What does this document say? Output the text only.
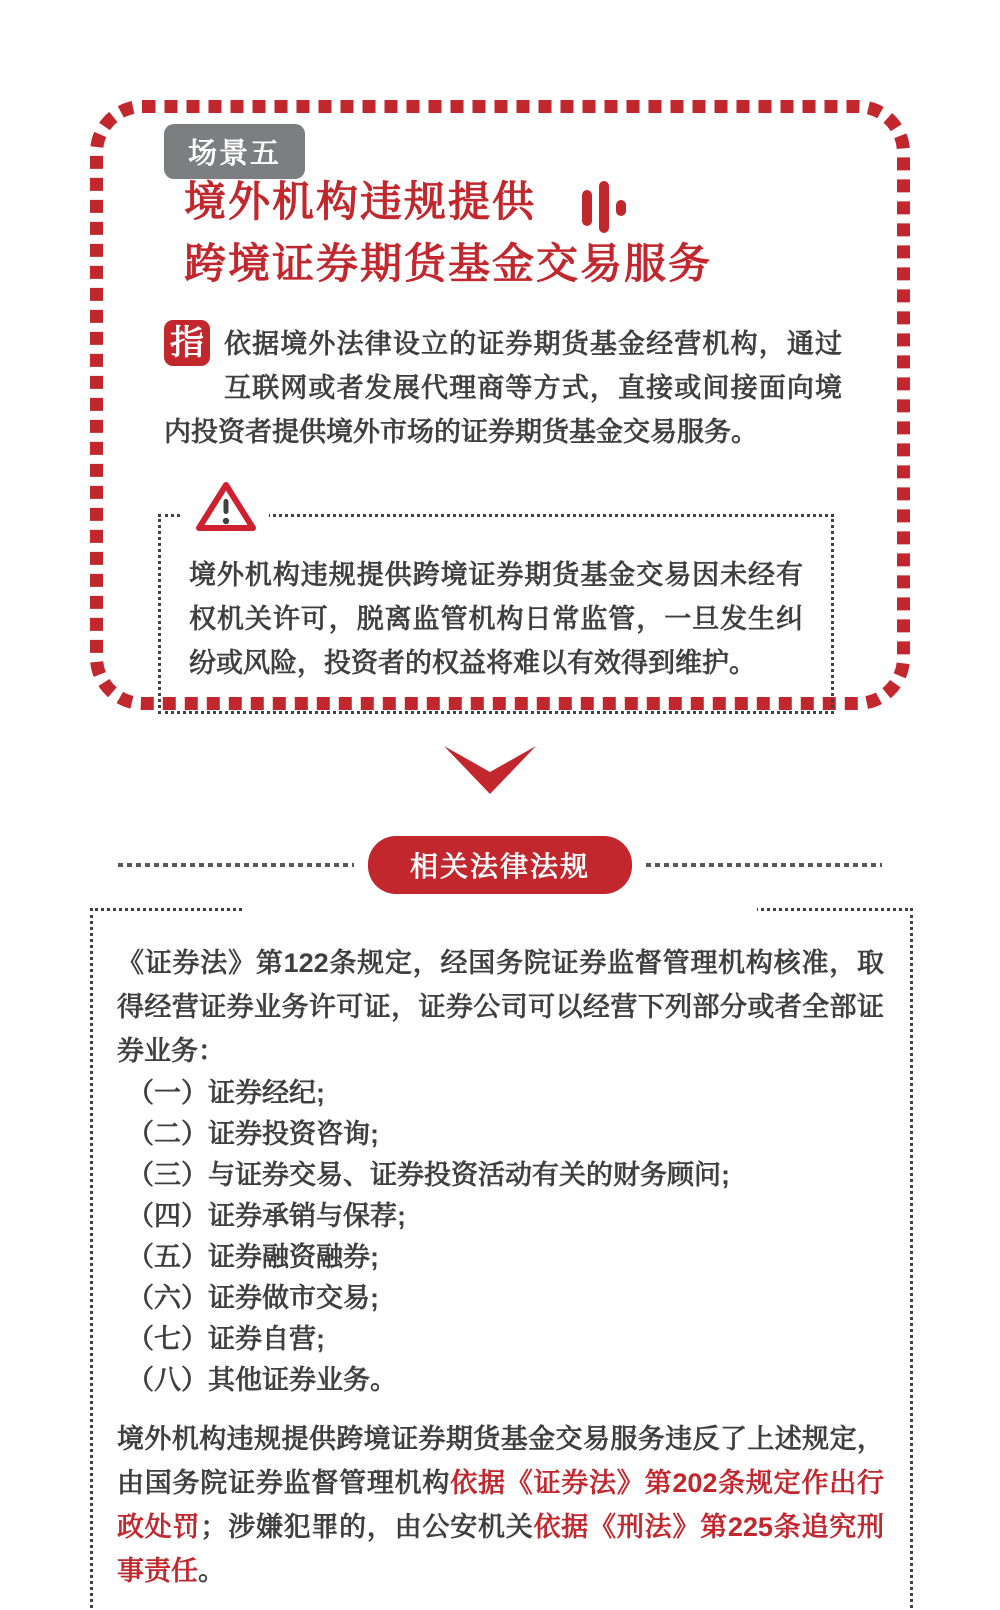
场景五
境外机构违规提供
跨境证券期货基金交易服务
指 依据境外法律设立的证券期货基金经营机构，通过互联网或者发展代理商等方式，直接或间接面向境内投资者提供境外市场的证券期货基金交易服务。
境外机构违规提供跨境证券期货基金交易因未经有权机关许可，脱离监管机构日常监管，一旦发生纠纷或风险，投资者的权益将难以有效得到维护。
相关法律法规

《证券法》第122条规定，经国务院证券监督管理机构核准，取得经营证券业务许可证，证券公司可以经营下列部分或者全部证券业务：

（一）证券经纪;
（二）证券投资咨询;
（三）与证券交易、证券投资活动有关的财务顾问;
（四）证券承销与保荐;
（五）证券融资融券;
（六）证券做市交易;
（七）证券自营;
（八）其他证券业务。

境外机构违规提供跨境证券期货基金交易服务违反了上述规定，由国务院证券监督管理机构依据《证券法》第202条规定作出行政处罚；涉嫌犯罪的，由公安机关依据《刑法》第225条追究刑事责任。
